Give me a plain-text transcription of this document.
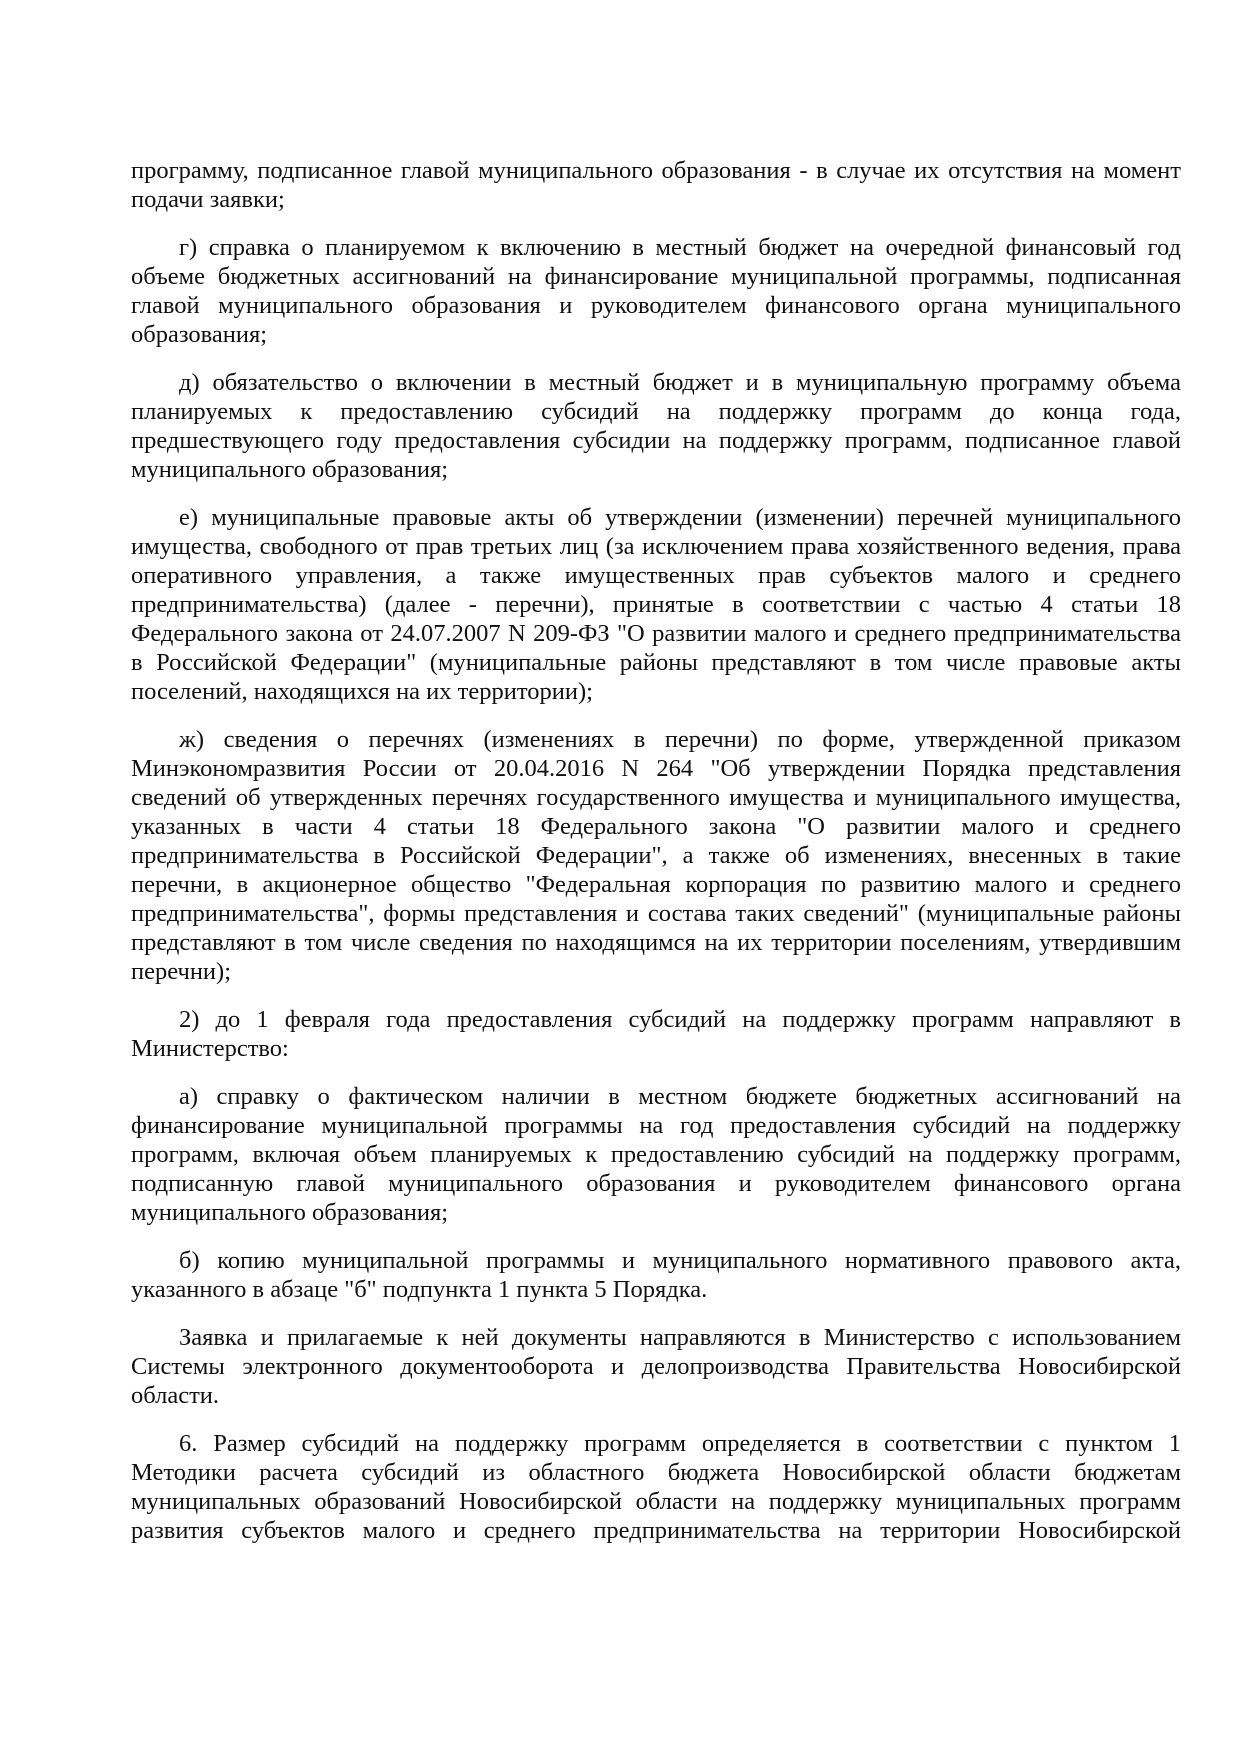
программу, подписанное главой муниципального образования - в случае их отсутствия на момент
подачи заявки;
г) справка о планируемом к включению в местный бюджет на очередной финансовый год
объеме бюджетных ассигнований на финансирование муниципальной программы, подписанная
главой муниципального образования и руководителем финансового органа муниципального
образования;
д) обязательство о включении в местный бюджет и в муниципальную программу объема
планируемых к предоставлению субсидий на поддержку программ до конца года,
предшествующего году предоставления субсидии на поддержку программ, подписанное главой
муниципального образования;
е) муниципальные правовые акты об утверждении (изменении) перечней муниципального
имущества, свободного от прав третьих лиц (за исключением права хозяйственного ведения, права
оперативного управления, а также имущественных прав субъектов малого и среднего
предпринимательства) (далее - перечни), принятые в соответствии с частью 4 статьи 18
Федерального закона от 24.07.2007 N 209-ФЗ "О развитии малого и среднего предпринимательства
в Российской Федерации" (муниципальные районы представляют в том числе правовые акты
поселений, находящихся на их территории);
ж) сведения о перечнях (изменениях в перечни) по форме, утвержденной приказом
Минэкономразвития России от 20.04.2016 N 264 "Об утверждении Порядка представления
сведений об утвержденных перечнях государственного имущества и муниципального имущества,
указанных в части 4 статьи 18 Федерального закона "О развитии малого и среднего
предпринимательства в Российской Федерации", а также об изменениях, внесенных в такие
перечни, в акционерное общество "Федеральная корпорация по развитию малого и среднего
предпринимательства", формы представления и состава таких сведений" (муниципальные районы
представляют в том числе сведения по находящимся на их территории поселениям, утвердившим
перечни);
2) до 1 февраля года предоставления субсидий на поддержку программ направляют в
Министерство:
а) справку о фактическом наличии в местном бюджете бюджетных ассигнований на
финансирование муниципальной программы на год предоставления субсидий на поддержку
программ, включая объем планируемых к предоставлению субсидий на поддержку программ,
подписанную главой муниципального образования и руководителем финансового органа
муниципального образования;
б) копию муниципальной программы и муниципального нормативного правового акта,
указанного в абзаце "б" подпункта 1 пункта 5 Порядка.
Заявка и прилагаемые к ней документы направляются в Министерство с использованием
Системы электронного документооборота и делопроизводства Правительства Новосибирской
области.
6. Размер субсидий на поддержку программ определяется в соответствии с пунктом 1
Методики расчета субсидий из областного бюджета Новосибирской области бюджетам
муниципальных образований Новосибирской области на поддержку муниципальных программ
развития субъектов малого и среднего предпринимательства на территории Новосибирской
